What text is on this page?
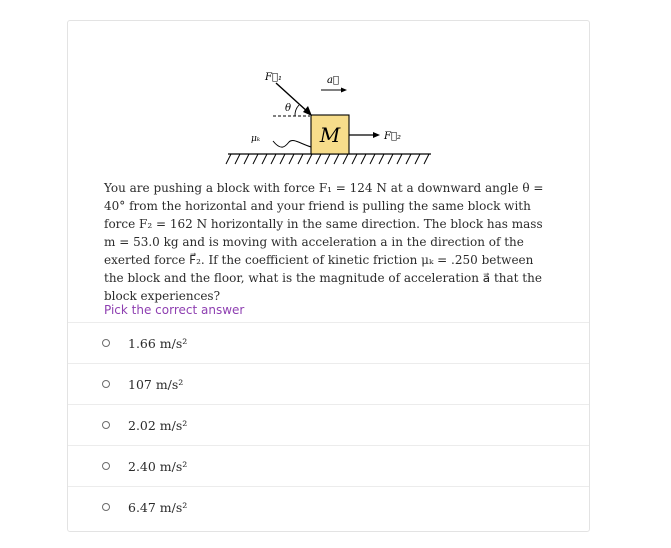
M
F⃗₁
θ
a⃗
F⃗₂
μₖ
You are pushing a block with force F₁ = 124 N at a downward angle θ = 40° from the horizontal and your friend is pulling the same block with force F₂ = 162 N horizontally in the same direction. The block has mass m = 53.0 kg and is moving with acceleration a in the direction of the exerted force F⃗₂. If the coefficient of kinetic friction μₖ = .250 between the block and the floor, what is the magnitude of acceleration a⃗ that the block experiences?
Pick the correct answer
1.66 m/s²
107 m/s²
2.02 m/s²
2.40 m/s²
6.47 m/s²
